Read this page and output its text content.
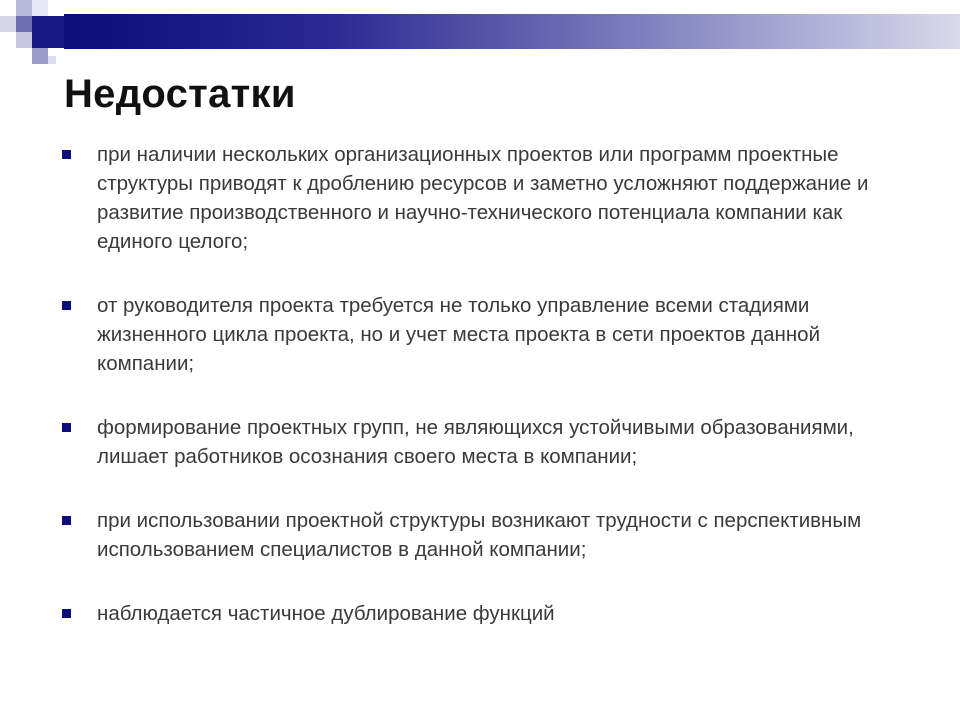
Недостатки
при наличии нескольких организационных проектов или программ проектные структуры приводят к дроблению ресурсов и заметно усложняют поддержание и развитие производственного и научно-технического потенциала компании как единого целого;
от руководителя проекта требуется не только управление всеми стадиями жизненного цикла проекта, но и учет места проекта в сети проектов данной компании;
формирование проектных групп, не являющихся устойчивыми образованиями, лишает работников осознания своего места в компании;
при использовании проектной структуры возникают трудности с перспективным использованием специалистов в данной компании;
наблюдается частичное дублирование функций
